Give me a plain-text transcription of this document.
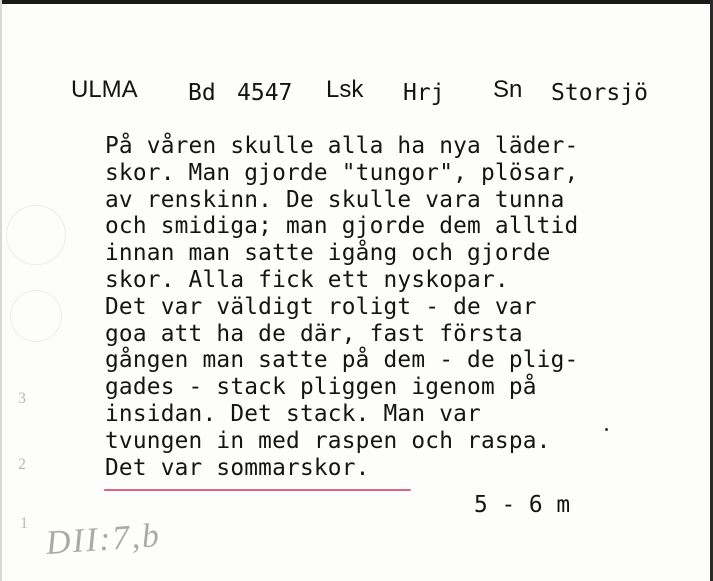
ULMA Bd 4547 Lsk Hrj Sn Storsjö
På våren skulle alla ha nya läder-
skor. Man gjorde "tungor", plösar,
av renskinn. De skulle vara tunna
och smidiga; man gjorde dem alltid
innan man satte igång och gjorde
skor. Alla fick ett nyskopar.
Det var väldigt roligt - de var
goa att ha de där, fast första
gången man satte på dem - de plig-
gades - stack pliggen igenom på
insidan. Det stack. Man var
tvungen in med raspen och raspa.
Det var sommarskor.
5 - 6 m
3
2
1 DII:7,b
